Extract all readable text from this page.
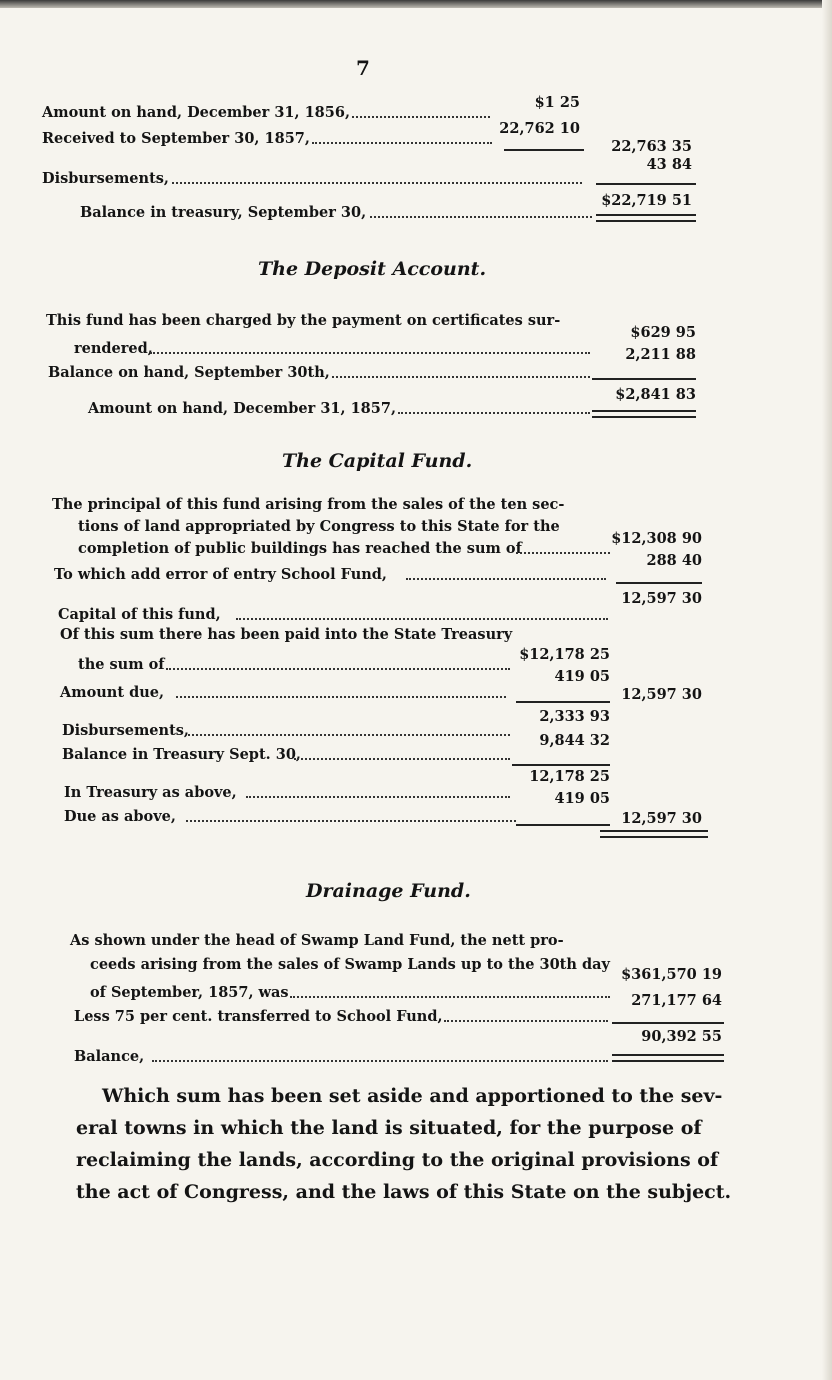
7
Amount on hand, December 31, 1856,
$1 25
Received to September 30, 1857,
22,762 10
22,763 35
Disbursements,
43 84
Balance in treasury, September 30,
$22,719 51
The Deposit Account.
This fund has been charged by the payment on certificates sur-
rendered,
$629 95
Balance on hand, September 30th,
2,211 88
Amount on hand, December 31, 1857,
$2,841 83
The Capital Fund.
The principal of this fund arising from the sales of the ten sec-
tions of land appropriated by Congress to this State for the
completion of public buildings has reached the sum of
$12,308 90
To which add error of entry School Fund,
288 40
Capital of this fund,
12,597 30
Of this sum there has been paid into the State Treasury
the sum of
$12,178 25
Amount due,
419 05
12,597 30
Disbursements,
2,333 93
Balance in Treasury Sept. 30,
9,844 32
In Treasury as above,
12,178 25
Due as above,
419 05
12,597 30
Drainage Fund.
As shown under the head of Swamp Land Fund, the nett pro-
ceeds arising from the sales of Swamp Lands up to the 30th day
of September, 1857, was
$361,570 19
Less 75 per cent. transferred to School Fund,
271,177 64
Balance,
90,392 55
Which sum has been set aside and apportioned to the sev-
eral towns in which the land is situated, for the purpose of
reclaiming the lands, according to the original provisions of
the act of Congress, and the laws of this State on the subject.
